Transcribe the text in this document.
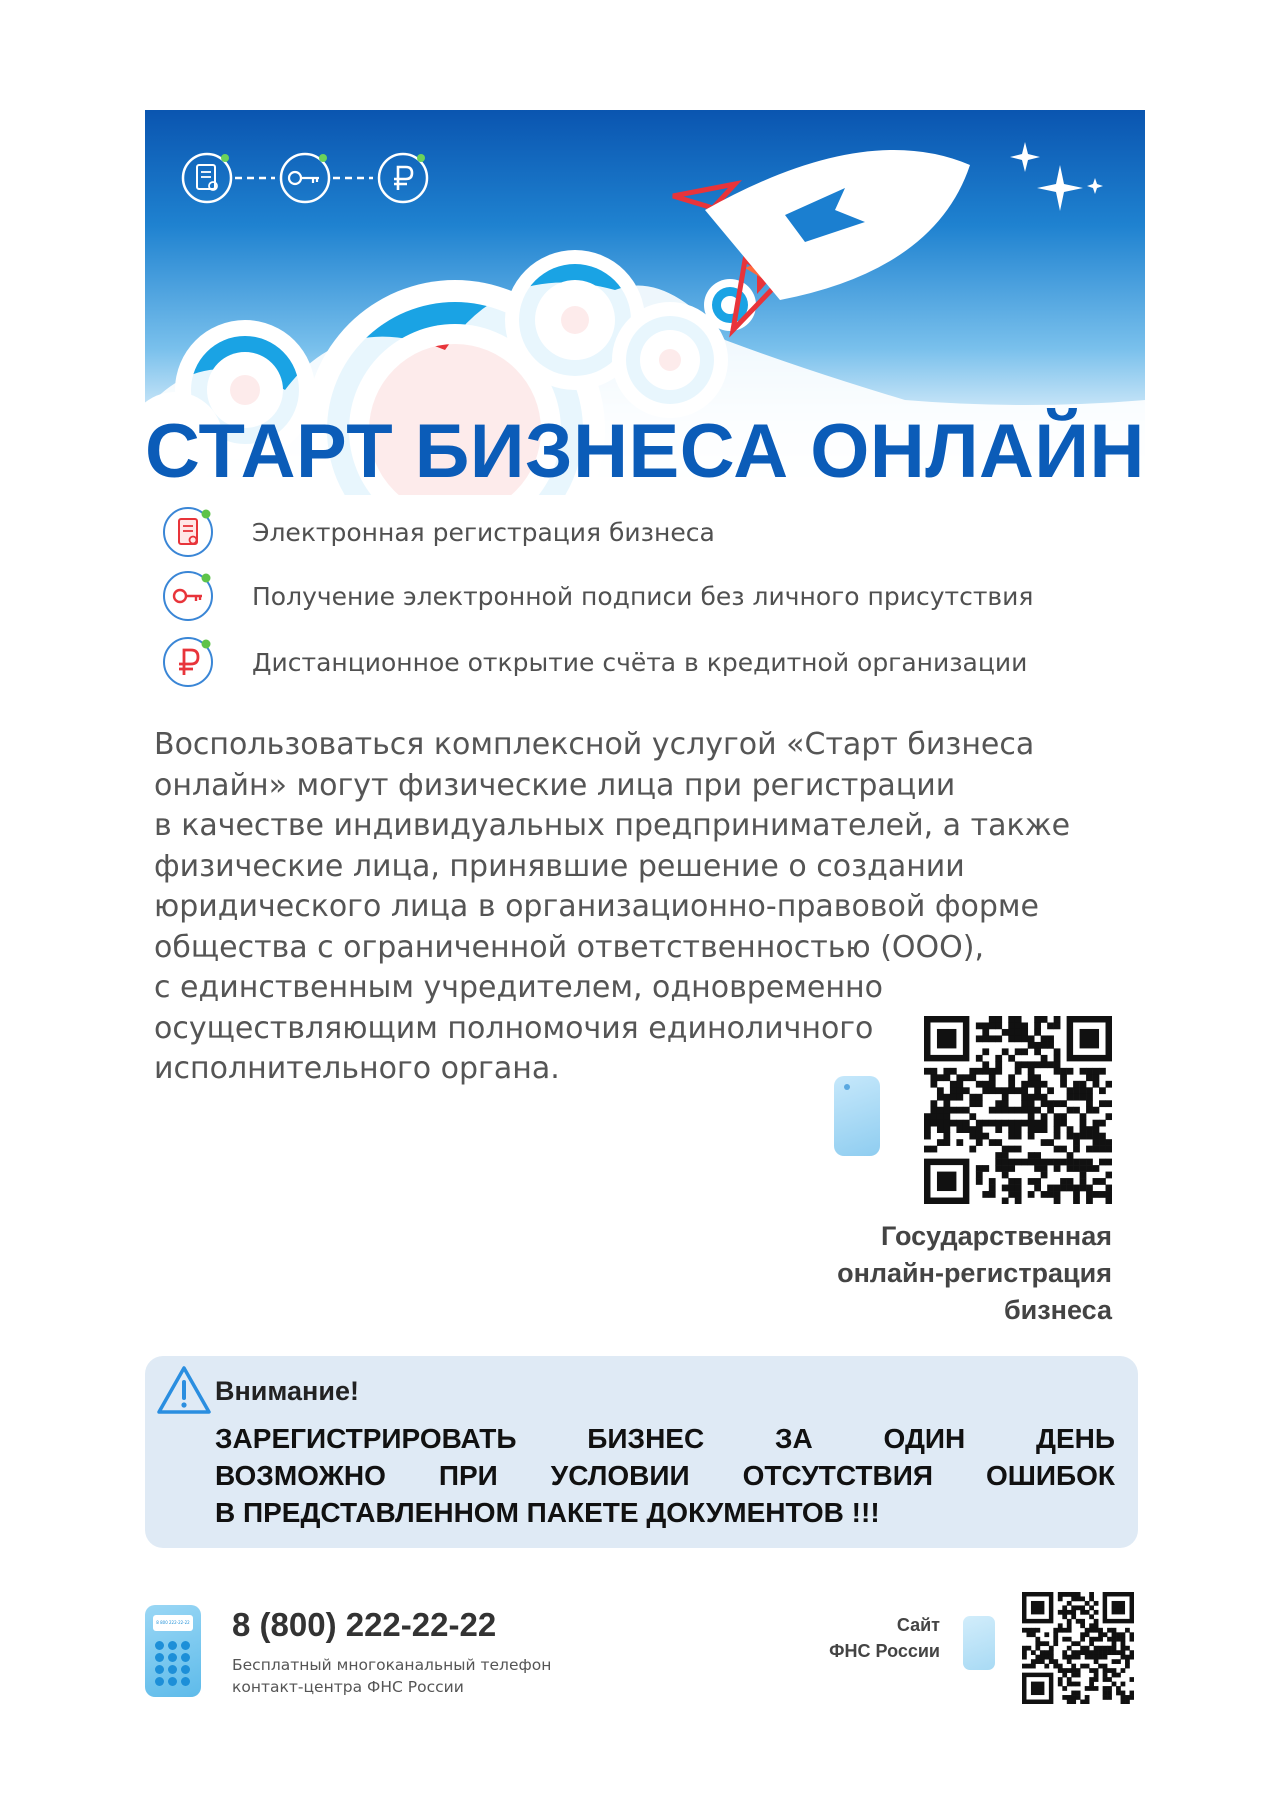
СТАРТ БИЗНЕСА ОНЛАЙН
Электронная регистрация бизнеса
Получение электронной подписи без личного присутствия
Дистанционное открытие счёта в кредитной организации
Воспользоваться комплексной услугой «Старт бизнеса
онлайн» могут физические лица при регистрации
в качестве индивидуальных предпринимателей, а также
физические лица, принявшие решение о создании
юридического лица в организационно-правовой форме
общества с ограниченной ответственностью (ООО),
с единственным учредителем, одновременно
осуществляющим полномочия единоличного
исполнительного органа.
Государственная
онлайн-регистрация
бизнеса
Внимание!
ЗАРЕГИСТРИРОВАТЬ БИЗНЕС ЗА ОДИН ДЕНЬ
ВОЗМОЖНО ПРИ УСЛОВИИ ОТСУТСТВИЯ ОШИБОК
В ПРЕДСТАВЛЕННОМ ПАКЕТЕ ДОКУМЕНТОВ !!!
8 800 222-22-22 8 (800) 222-22-22
Бесплатный многоканальный телефон
контакт-центра ФНС России
Сайт
ФНС России
